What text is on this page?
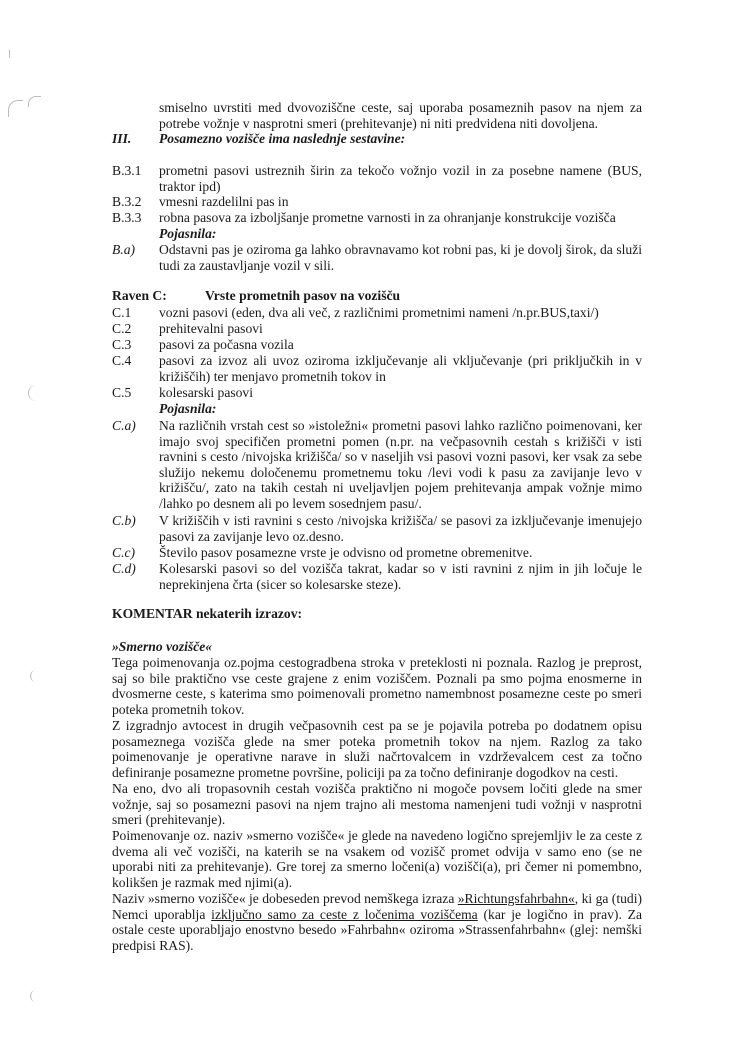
smiselno uvrstiti med dvovoziščne ceste, saj uporaba posameznih pasov na njem za
potrebe vožnje v nasprotni smeri (prehitevanje) ni niti predvidena niti dovoljena.
III. Posamezno vozišče ima naslednje sestavine:
B.3.1 prometni pasovi ustreznih širin za tekočo vožnjo vozil in za posebne namene (BUS, traktor ipd)
B.3.2 vmesni razdelilni pas in
B.3.3 robna pasova za izboljšanje prometne varnosti in za ohranjanje konstrukcije vozišča
Pojasnila:
B.a) Odstavni pas je oziroma ga lahko obravnavamo kot robni pas, ki je dovolj širok, da služi tudi za zaustavljanje vozil v sili.
Raven C:	Vrste prometnih pasov na vozišču
C.1 vozni pasovi (eden, dva ali več, z različnimi prometnimi nameni /n.pr.BUS,taxi/)
C.2 prehitevalni pasovi
C.3 pasovi za počasna vozila
C.4 pasovi za izvoz ali uvoz oziroma izključevanje ali vključevanje (pri priključkih in v križiščih) ter menjavo prometnih tokov in
C.5 kolesarski pasovi
Pojasnila:
C.a) Na različnih vrstah cest so »istoležni« prometni pasovi lahko različno poimenovani, ker imajo svoj specifičen prometni pomen (n.pr. na večpasovnih cestah s križišči v isti ravnini s cesto /nivojska križišča/ so v naseljih vsi pasovi vozni pasovi, ker vsak za sebe služijo nekemu določenemu prometnemu toku /levi vodi k pasu za zavijanje levo v križišču/, zato na takih cestah ni uveljavljen pojem prehitevanja ampak vožnje mimo /lahko po desnem ali po levem sosednjem pasu/.
C.b) V križiščih v isti ravnini s cesto /nivojska križišča/ se pasovi za izključevanje imenujejo pasovi za zavijanje levo oz.desno.
C.c) Število pasov posamezne vrste je odvisno od prometne obremenitve.
C.d) Kolesarski pasovi so del vozišča takrat, kadar so v isti ravnini z njim in jih ločuje le neprekinjena črta (sicer so kolesarske steze).
KOMENTAR nekaterih izrazov:
»Smerno vozišče«
Tega poimenovanja oz.pojma cestogradbena stroka v preteklosti ni poznala. Razlog je preprost, saj so bile praktično vse ceste grajene z enim voziščem. Poznali pa smo pojma enosmerne in dvosmerne ceste, s katerima smo poimenovali prometno namembnost posamezne ceste po smeri poteka prometnih tokov.
Z izgradnjo avtocest in drugih večpasovnih cest pa se je pojavila potreba po dodatnem opisu posameznega vozišča glede na smer poteka prometnih tokov na njem. Razlog za tako poimenovanje je operativne narave in služi načrtovalcem in vzdrževalcem cest za točno definiranje posamezne prometne površine, policiji pa za točno definiranje dogodkov na cesti.
Na eno, dvo ali tropasovnih cestah vozišča praktično ni mogoče povsem ločiti glede na smer vožnje, saj so posamezni pasovi na njem trajno ali mestoma namenjeni tudi vožnji v nasprotni smeri (prehitevanje).
Poimenovanje oz. naziv »smerno vozišče« je glede na navedeno logično sprejemljiv le za ceste z dvema ali več vozišči, na katerih se na vsakem od vozišč promet odvija v samo eno (se ne uporabi niti za prehitevanje). Gre torej za smerno ločeni(a) vozišči(a), pri čemer ni pomembno, kolikšen je razmak med njimi(a).
Naziv »smerno vozišče« je dobeseden prevod nemškega izraza »Richtungsfahrbahn«, ki ga (tudi) Nemci uporablja izključno samo za ceste z ločenima voziščema (kar je logično in prav). Za ostale ceste uporabljajo enostvno besedo »Fahrbahn« oziroma »Strassenfahrbahn« (glej: nemški predpisi RAS).
